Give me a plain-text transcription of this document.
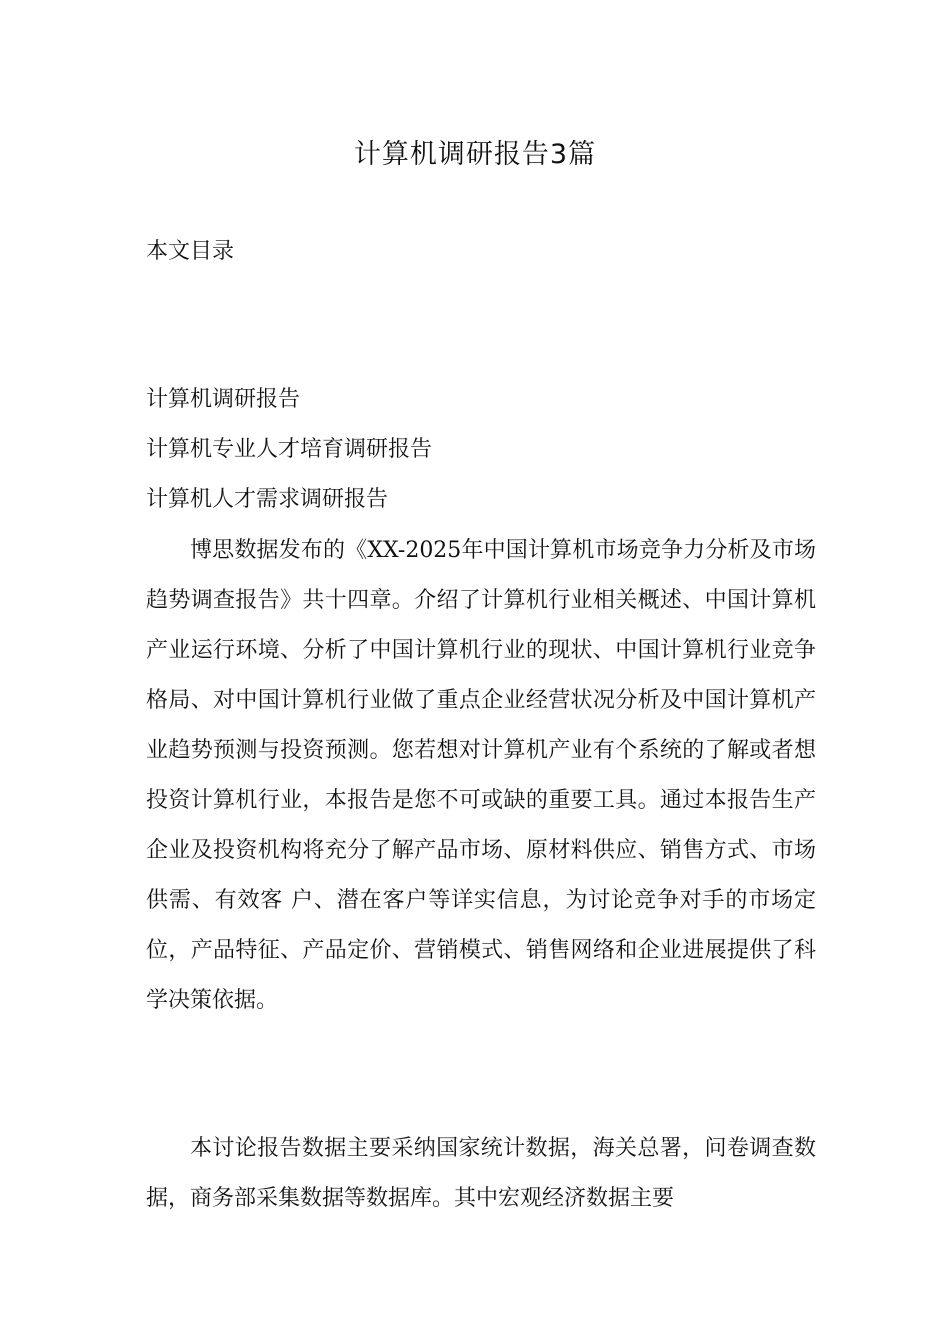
计算机调研报告3篇
本文目录
计算机调研报告
计算机专业人才培育调研报告
计算机人才需求调研报告

博思数据发布的《XX-2025年中国计算机市场竞争力分析及市场趋势调查报告》共十四章。介绍了计算机行业相关概述、中国计算机产业运行环境、分析了中国计算机行业的现状、中国计算机行业竞争格局、对中国计算机行业做了重点企业经营状况分析及中国计算机产业趋势预测与投资预测。您若想对计算机产业有个系统的了解或者想投资计算机行业，本报告是您不可或缺的重要工具。通过本报告生产企业及投资机构将充分了解产品市场、原材料供应、销售方式、市场供需、有效客 户、潜在客户等详实信息，为讨论竞争对手的市场定位，产品特征、产品定价、营销模式、销售网络和企业进展提供了科学决策依据。

本讨论报告数据主要采纳国家统计数据，海关总署，问卷调查数据，商务部采集数据等数据库。其中宏观经济数据主要
